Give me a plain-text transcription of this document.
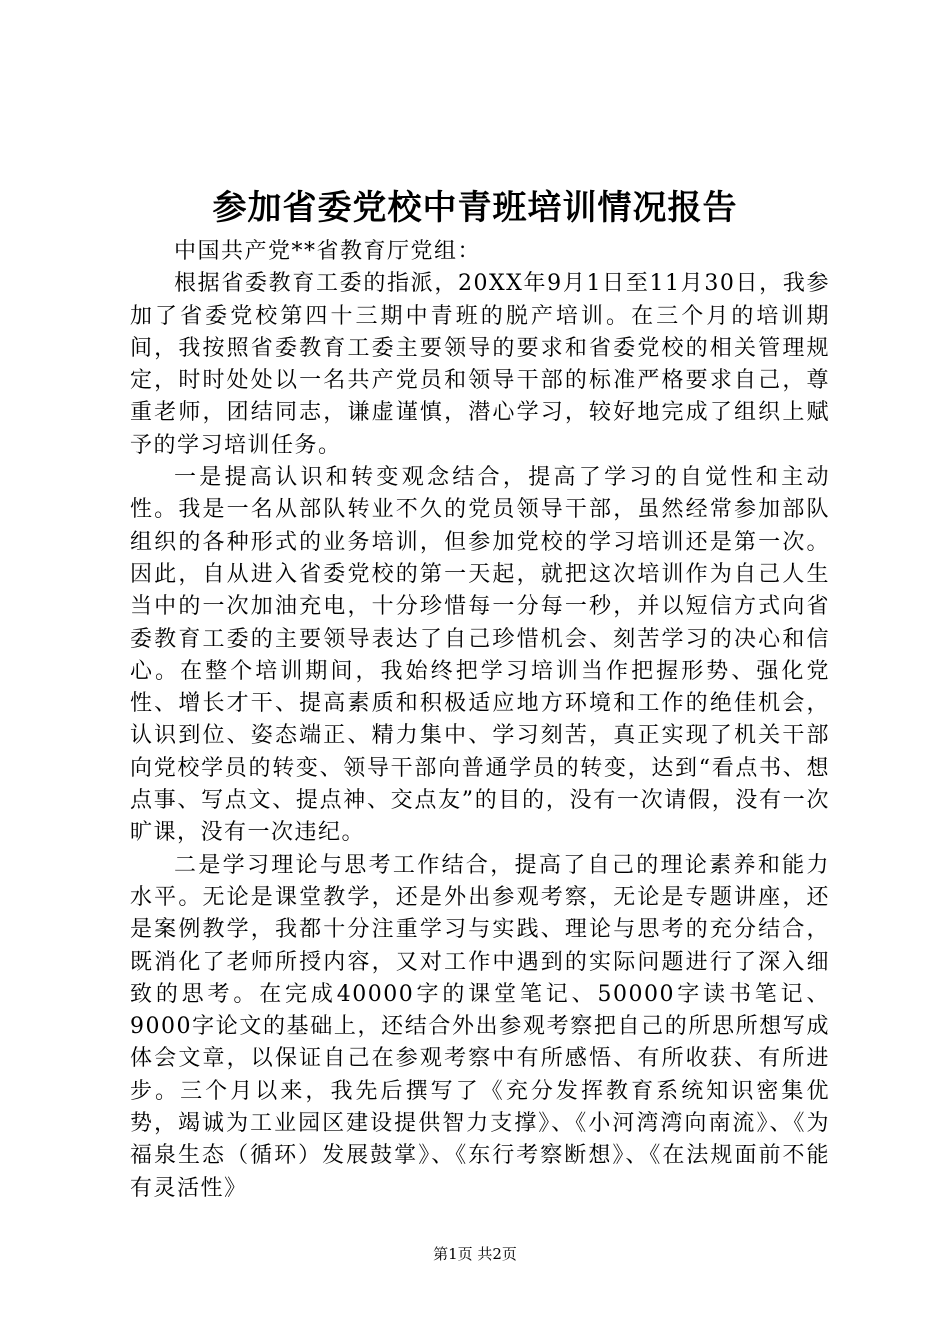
参加省委党校中青班培训情况报告

中国共产党**省教育厅党组：

根据省委教育工委的指派，20XX年9月1日至11月30日，我参加了省委党校第四十三期中青班的脱产培训。在三个月的培训期间，我按照省委教育工委主要领导的要求和省委党校的相关管理规定，时时处处以一名共产党员和领导干部的标准严格要求自己，尊重老师，团结同志，谦虚谨慎，潜心学习，较好地完成了组织上赋予的学习培训任务。

一是提高认识和转变观念结合，提高了学习的自觉性和主动性。我是一名从部队转业不久的党员领导干部，虽然经常参加部队组织的各种形式的业务培训，但参加党校的学习培训还是第一次。因此，自从进入省委党校的第一天起，就把这次培训作为自己人生当中的一次加油充电，十分珍惜每一分每一秒，并以短信方式向省委教育工委的主要领导表达了自己珍惜机会、刻苦学习的决心和信心。在整个培训期间，我始终把学习培训当作把握形势、强化党性、增长才干、提高素质和积极适应地方环境和工作的绝佳机会，认识到位、姿态端正、精力集中、学习刻苦，真正实现了机关干部向党校学员的转变、领导干部向普通学员的转变，达到“看点书、想点事、写点文、提点神、交点友”的目的，没有一次请假，没有一次旷课，没有一次违纪。

二是学习理论与思考工作结合，提高了自己的理论素养和能力水平。无论是课堂教学，还是外出参观考察，无论是专题讲座，还是案例教学，我都十分注重学习与实践、理论与思考的充分结合，既消化了老师所授内容，又对工作中遇到的实际问题进行了深入细致的思考。在完成40000字的课堂笔记、50000字读书笔记、9000字论文的基础上，还结合外出参观考察把自己的所思所想写成体会文章，以保证自己在参观考察中有所感悟、有所收获、有所进步。三个月以来，我先后撰写了《充分发挥教育系统知识密集优势，竭诚为工业园区建设提供智力支撑》、《小河湾湾向南流》、《为福泉生态（循环）发展鼓掌》、《东行考察断想》、《在法规面前不能有灵活性》

第1页 共2页
